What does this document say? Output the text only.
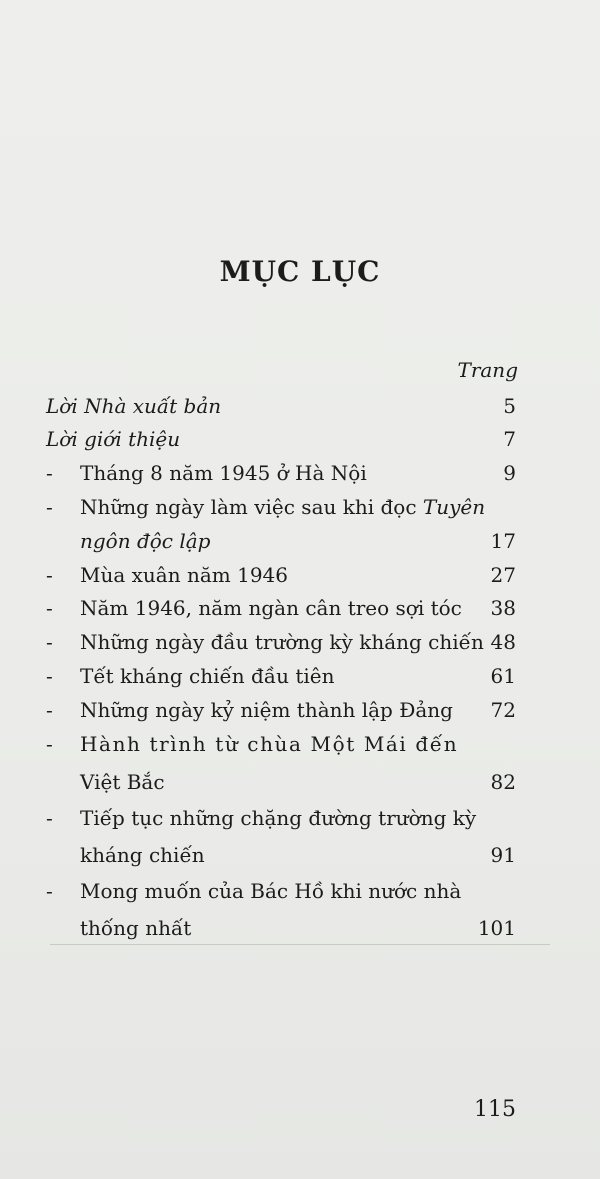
MỤC LỤC
Trang
Lời Nhà xuất bản	5
Lời giới thiệu	7
- Tháng 8 năm 1945 ở Hà Nội	9
- Những ngày làm việc sau khi đọc Tuyên
ngôn độc lập	17
- Mùa xuân năm 1946	27
- Năm 1946, năm ngàn cân treo sợi tóc	38
- Những ngày đầu trường kỳ kháng chiến 48
- Tết kháng chiến đầu tiên	61
- Những ngày kỷ niệm thành lập Đảng	72
- Hành trình từ chùa Một Mái đến
Việt Bắc	82
- Tiếp tục những chặng đường trường kỳ
kháng chiến	91
- Mong muốn của Bác Hồ khi nước nhà
thống nhất	101
115
